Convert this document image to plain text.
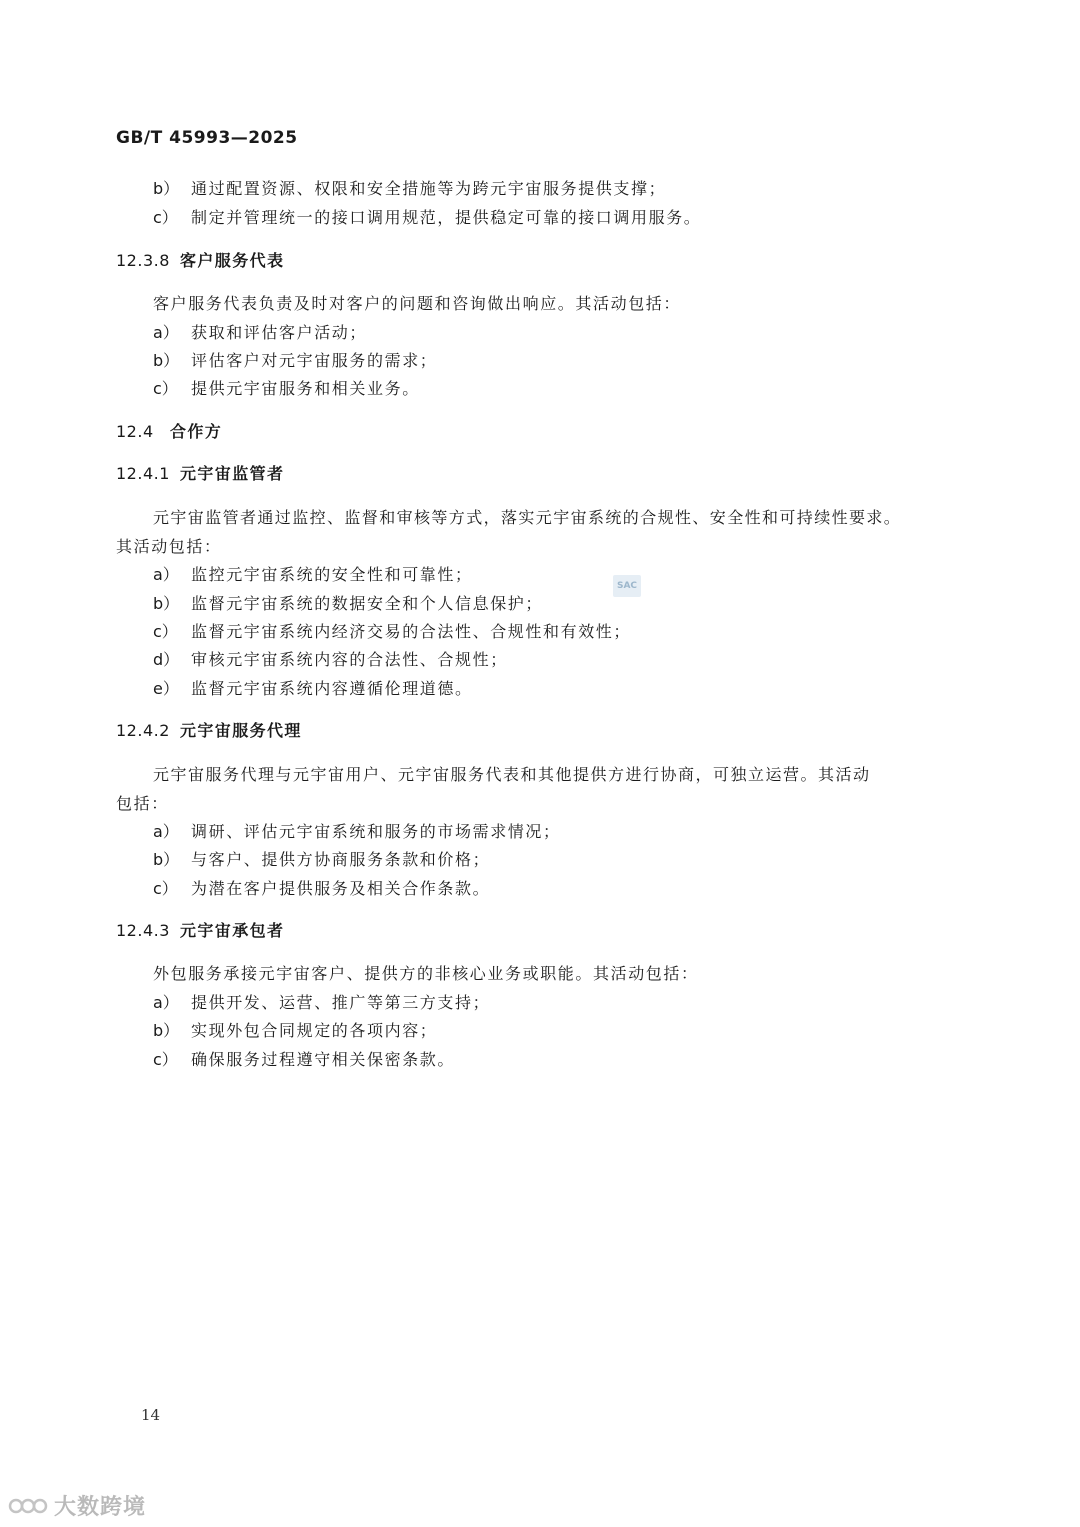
GB/T 45993—2025
b） 通过配置资源、权限和安全措施等为跨元宇宙服务提供支撑；
c） 制定并管理统一的接口调用规范，提供稳定可靠的接口调用服务。
12.3.8 客户服务代表
客户服务代表负责及时对客户的问题和咨询做出响应。其活动包括：
a） 获取和评估客户活动；
b） 评估客户对元宇宙服务的需求；
c） 提供元宇宙服务和相关业务。
12.4 合作方
12.4.1 元宇宙监管者
元宇宙监管者通过监控、监督和审核等方式，落实元宇宙系统的合规性、安全性和可持续性要求。
其活动包括：
a） 监控元宇宙系统的安全性和可靠性；
b） 监督元宇宙系统的数据安全和个人信息保护；
c） 监督元宇宙系统内经济交易的合法性、合规性和有效性；
d） 审核元宇宙系统内容的合法性、合规性；
e） 监督元宇宙系统内容遵循伦理道德。
12.4.2 元宇宙服务代理
元宇宙服务代理与元宇宙用户、元宇宙服务代表和其他提供方进行协商，可独立运营。其活动
包括：
a） 调研、评估元宇宙系统和服务的市场需求情况；
b） 与客户、提供方协商服务条款和价格；
c） 为潜在客户提供服务及相关合作条款。
12.4.3 元宇宙承包者
外包服务承接元宇宙客户、提供方的非核心业务或职能。其活动包括：
a） 提供开发、运营、推广等第三方支持；
b） 实现外包合同规定的各项内容；
c） 确保服务过程遵守相关保密条款。
SAC
14
大数跨境
